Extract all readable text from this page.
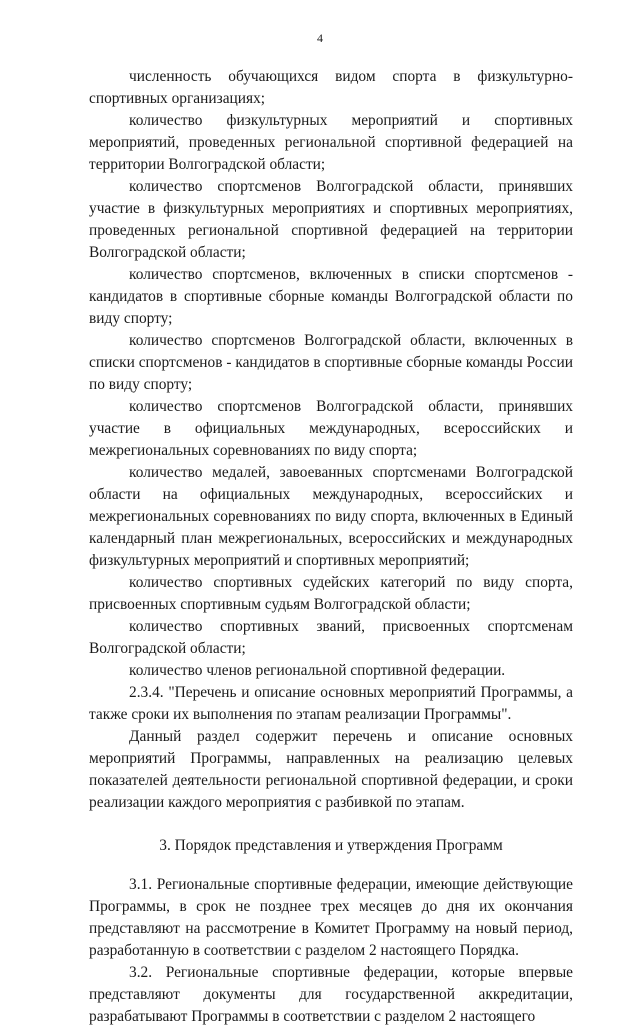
4

численность обучающихся видом спорта в физкультурно-спортивных организациях;

количество физкультурных мероприятий и спортивных мероприятий, проведенных региональной спортивной федерацией на территории Волгоградской области;

количество спортсменов Волгоградской области, принявших участие в физкультурных мероприятиях и спортивных мероприятиях, проведенных региональной спортивной федерацией на территории Волгоградской области;

количество спортсменов, включенных в списки спортсменов - кандидатов в спортивные сборные команды Волгоградской области по виду спорту;

количество спортсменов Волгоградской области, включенных в списки спортсменов - кандидатов в спортивные сборные команды России по виду спорту;

количество спортсменов Волгоградской области, принявших участие в официальных международных, всероссийских и межрегиональных соревнованиях по виду спорта;

количество медалей, завоеванных спортсменами Волгоградской области на официальных международных, всероссийских и межрегиональных соревнованиях по виду спорта, включенных в Единый календарный план межрегиональных, всероссийских и международных физкультурных мероприятий и спортивных мероприятий;

количество спортивных судейских категорий по виду спорта, присвоенных спортивным судьям Волгоградской области;

количество спортивных званий, присвоенных спортсменам Волгоградской области;

количество членов региональной спортивной федерации.

2.3.4. "Перечень и описание основных мероприятий Программы, а также сроки их выполнения по этапам реализации Программы".

Данный раздел содержит перечень и описание основных мероприятий Программы, направленных на реализацию целевых показателей деятельности региональной спортивной федерации, и сроки реализации каждого мероприятия с разбивкой по этапам.

3. Порядок представления и утверждения Программ

3.1. Региональные спортивные федерации, имеющие действующие Программы, в срок не позднее трех месяцев до дня их окончания представляют на рассмотрение в Комитет Программу на новый период, разработанную в соответствии с разделом 2 настоящего Порядка.

3.2. Региональные спортивные федерации, которые впервые представляют документы для государственной аккредитации, разрабатывают Программы в соответствии с разделом 2 настоящего
